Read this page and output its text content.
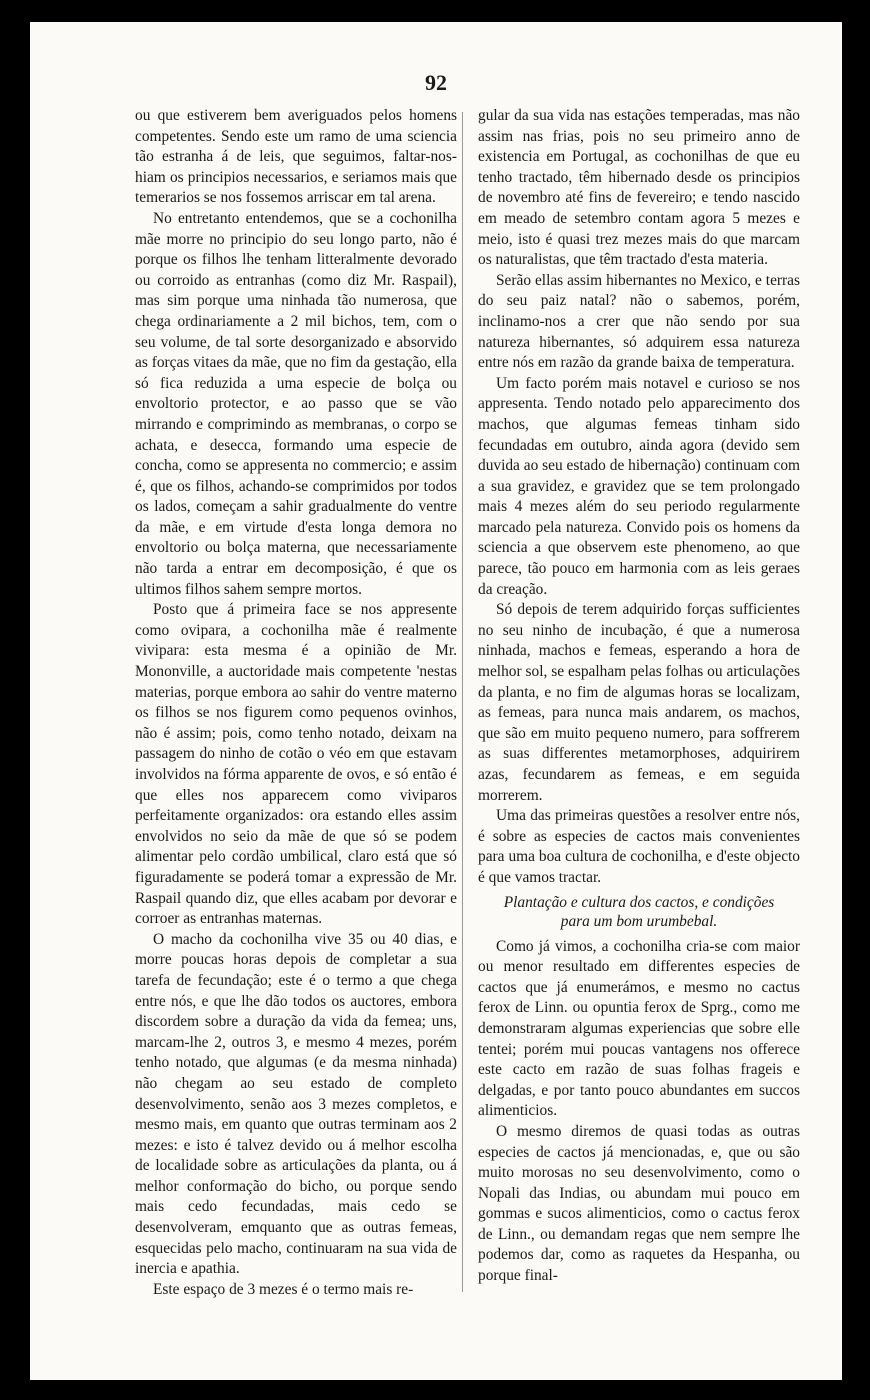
92

ou que estiverem bem averiguados pelos homens competentes. Sendo este um ramo de uma sciencia tão estranha á de leis, que seguimos, faltar-nos-hiam os principios necessarios, e seriamos mais que temerarios se nos fossemos arriscar em tal arena.

No entretanto entendemos, que se a cochonilha mãe morre no principio do seu longo parto, não é porque os filhos lhe tenham litteralmente devorado ou corroido as entranhas (como diz Mr. Raspail), mas sim porque uma ninhada tão numerosa, que chega ordinariamente a 2 mil bichos, tem, com o seu volume, de tal sorte desorganizado e absorvido as forças vitaes da mãe, que no fim da gestação, ella só fica reduzida a uma especie de bolça ou envoltorio protector, e ao passo que se vão mirrando e comprimindo as membranas, o corpo se achata, e desecca, formando uma especie de concha, como se appresenta no commercio; e assim é, que os filhos, achando-se comprimidos por todos os lados, começam a sahir gradualmente do ventre da mãe, e em virtude d'esta longa demora no envoltorio ou bolça materna, que necessariamente não tarda a entrar em decomposição, é que os ultimos filhos sahem sempre mortos.

Posto que á primeira face se nos appresente como ovipara, a cochonilha mãe é realmente vivipara: esta mesma é a opinião de Mr. Mononville, a auctoridade mais competente 'nestas materias, porque embora ao sahir do ventre materno os filhos se nos figurem como pequenos ovinhos, não é assim; pois, como tenho notado, deixam na passagem do ninho de cotão o véo em que estavam involvidos na fórma apparente de ovos, e só então é que elles nos apparecem como viviparos perfeitamente organizados: ora estando elles assim envolvidos no seio da mãe de que só se podem alimentar pelo cordão umbilical, claro está que só figuradamente se poderá tomar a expressão de Mr. Raspail quando diz, que elles acabam por devorar e corroer as entranhas maternas.

O macho da cochonilha vive 35 ou 40 dias, e morre poucas horas depois de completar a sua tarefa de fecundação; este é o termo a que chega entre nós, e que lhe dão todos os auctores, embora discordem sobre a duração da vida da femea; uns, marcam-lhe 2, outros 3, e mesmo 4 mezes, porém tenho notado, que algumas (e da mesma ninhada) não chegam ao seu estado de completo desenvolvimento, senão aos 3 mezes completos, e mesmo mais, em quanto que outras terminam aos 2 mezes: e isto é talvez devido ou á melhor escolha de localidade sobre as articulações da planta, ou á melhor conformação do bicho, ou porque sendo mais cedo fecundadas, mais cedo se desenvolveram, emquanto que as outras femeas, esquecidas pelo macho, continuaram na sua vida de inercia e apathia.

Este espaço de 3 mezes é o termo mais re-

gular da sua vida nas estações temperadas, mas não assim nas frias, pois no seu primeiro anno de existencia em Portugal, as cochonilhas de que eu tenho tractado, têm hibernado desde os principios de novembro até fins de fevereiro; e tendo nascido em meado de setembro contam agora 5 mezes e meio, isto é quasi trez mezes mais do que marcam os naturalistas, que têm tractado d'esta materia.

Serão ellas assim hibernantes no Mexico, e terras do seu paiz natal? não o sabemos, porém, inclinamo-nos a crer que não sendo por sua natureza hibernantes, só adquirem essa natureza entre nós em razão da grande baixa de temperatura.

Um facto porém mais notavel e curioso se nos appresenta. Tendo notado pelo apparecimento dos machos, que algumas femeas tinham sido fecundadas em outubro, ainda agora (devido sem duvida ao seu estado de hibernação) continuam com a sua gravidez, e gravidez que se tem prolongado mais 4 mezes além do seu periodo regularmente marcado pela natureza. Convido pois os homens da sciencia a que observem este phenomeno, ao que parece, tão pouco em harmonia com as leis geraes da creação.

Só depois de terem adquirido forças sufficientes no seu ninho de incubação, é que a numerosa ninhada, machos e femeas, esperando a hora de melhor sol, se espalham pelas folhas ou articulações da planta, e no fim de algumas horas se localizam, as femeas, para nunca mais andarem, os machos, que são em muito pequeno numero, para soffrerem as suas differentes metamorphoses, adquirirem azas, fecundarem as femeas, e em seguida morrerem.

Uma das primeiras questões a resolver entre nós, é sobre as especies de cactos mais convenientes para uma boa cultura de cochonilha, e d'este objecto é que vamos tractar.

Plantação e cultura dos cactos, e condições
para um bom urumbebal.

Como já vimos, a cochonilha cria-se com maior ou menor resultado em differentes especies de cactos que já enumerámos, e mesmo no cactus ferox de Linn. ou opuntia ferox de Sprg., como me demonstraram algumas experiencias que sobre elle tentei; porém mui poucas vantagens nos offerece este cacto em razão de suas folhas frageis e delgadas, e por tanto pouco abundantes em succos alimenticios.

O mesmo diremos de quasi todas as outras especies de cactos já mencionadas, e, que ou são muito morosas no seu desenvolvimento, como o Nopali das Indias, ou abundam mui pouco em gommas e sucos alimenticios, como o cactus ferox de Linn., ou demandam regas que nem sempre lhe podemos dar, como as raquetes da Hespanha, ou porque final-
